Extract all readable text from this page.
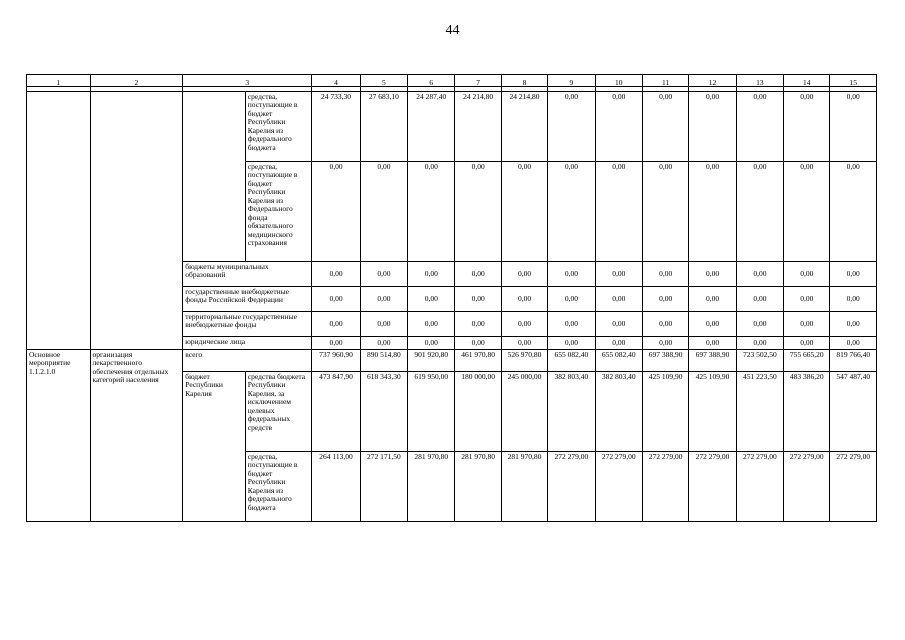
44
1	2	3		4	5	6	7	8	9	10	11	12	13	14	15
			средства, поступающие в бюджет Республики Карелия из федерального бюджета	24 733,30	27 683,10	24 287,40	24 214,80	24 214,80	0,00	0,00	0,00	0,00	0,00	0,00	0,00
			средства, поступающие в бюджет Республики Карелия из Федерального фонда обязательного медицинского страхования	0,00	0,00	0,00	0,00	0,00	0,00	0,00	0,00	0,00	0,00	0,00	0,00
		бюджеты муниципальных образований		0,00	0,00	0,00	0,00	0,00	0,00	0,00	0,00	0,00	0,00	0,00	0,00
		государственные внебюджетные фонды Российской Федерации		0,00	0,00	0,00	0,00	0,00	0,00	0,00	0,00	0,00	0,00	0,00	0,00
		территориальные государственные внебюджетные фонды		0,00	0,00	0,00	0,00	0,00	0,00	0,00	0,00	0,00	0,00	0,00	0,00
		юридические лица		0,00	0,00	0,00	0,00	0,00	0,00	0,00	0,00	0,00	0,00	0,00	0,00
Основное мероприятие 1.1.2.1.0	организация лекарственного обеспечения отдельных категорий населения	всего		737 960,90	890 514,80	901 920,80	461 970,80	526 970,80	655 082,40	655 082,40	697 388,90	697 388,90	723 502,50	755 665,20	819 766,40
		бюджет Республики Карелия	средства бюджета Республики Карелия, за исключением целевых федеральных средств	473 847,90	618 343,30	619 950,00	180 000,00	245 000,00	382 803,40	382 803,40	425 109,90	425 109,90	451 223,50	483 386,20	547 487,40
			средства, поступающие в бюджет Республики Карелия из федерального бюджета	264 113,00	272 171,50	281 970,80	281 970,80	281 970,80	272 279,00	272 279,00	272 279,00	272 279,00	272 279,00	272 279,00	272 279,00
